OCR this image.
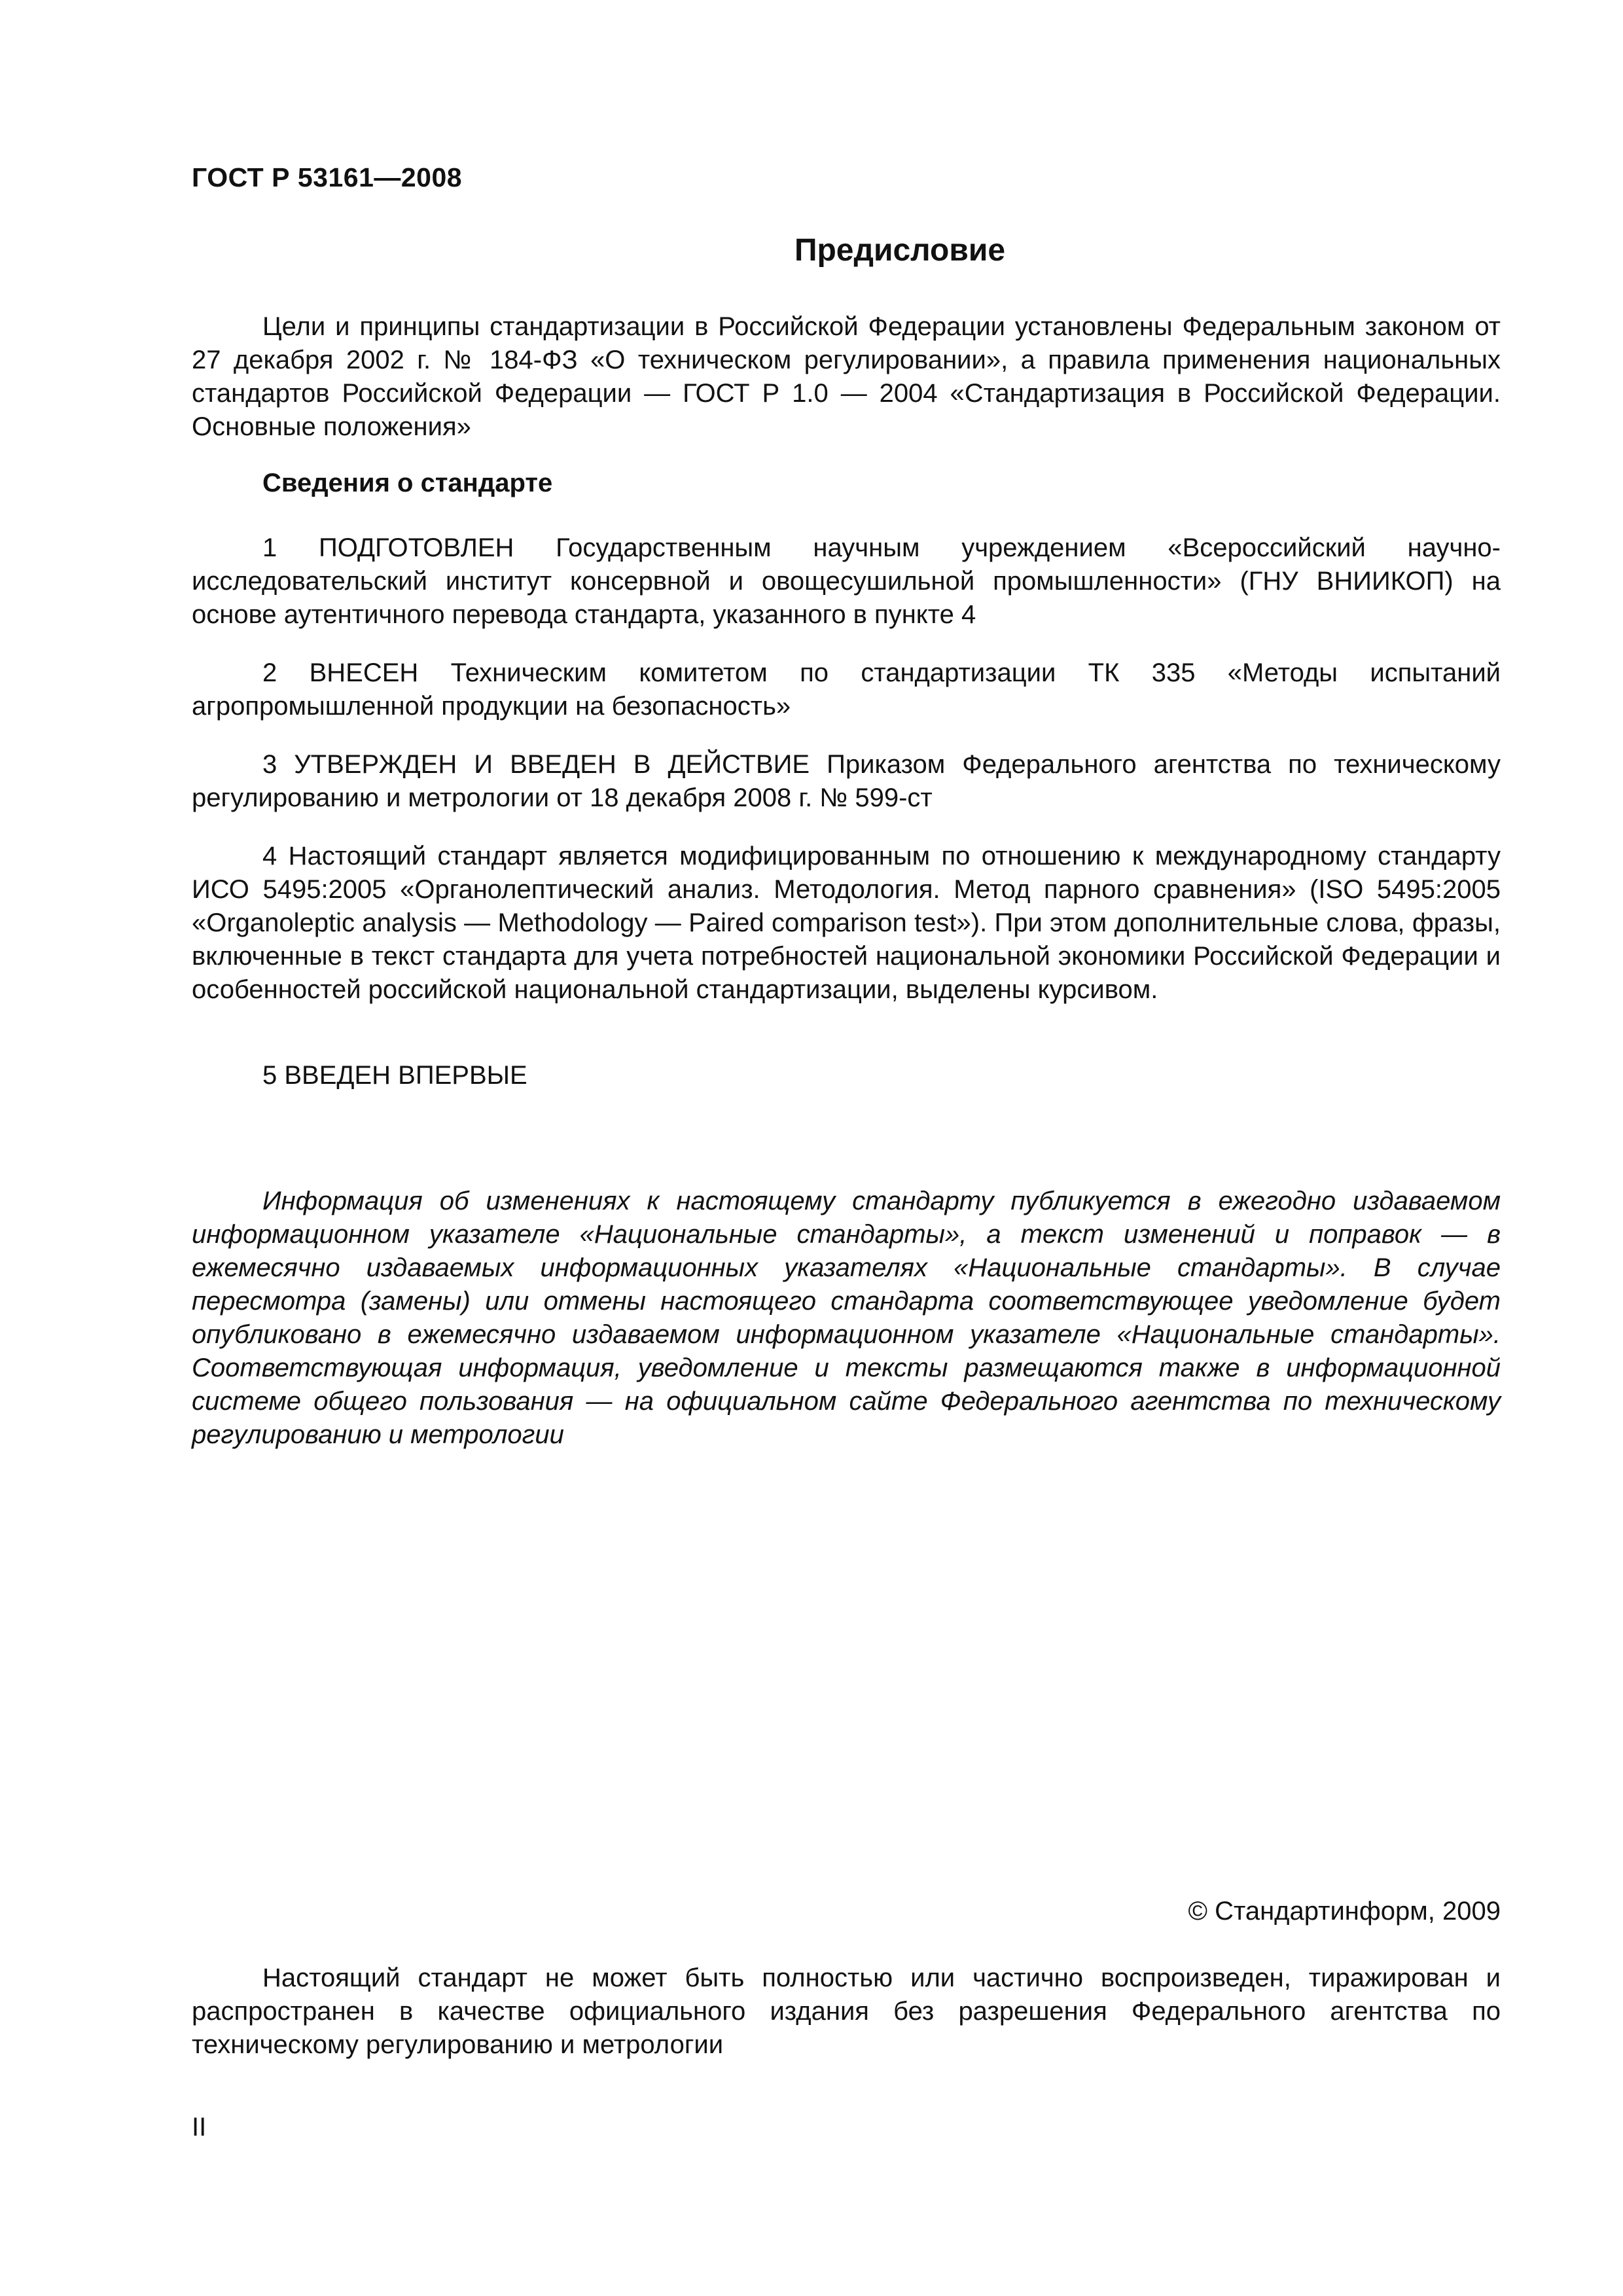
ГОСТ Р 53161—2008
Предисловие

Цели и принципы стандартизации в Российской Федерации установлены Федеральным законом от 27 декабря 2002 г. № 184-ФЗ «О техническом регулировании», а правила применения национальных стандартов Российской Федерации — ГОСТ Р 1.0 — 2004 «Стандартизация в Российской Федерации. Основные положения»

Сведения о стандарте

1 ПОДГОТОВЛЕН Государственным научным учреждением «Всероссийский научно-исследовательский институт консервной и овощесушильной промышленности» (ГНУ ВНИИКОП) на основе аутентичного перевода стандарта, указанного в пункте 4

2 ВНЕСЕН Техническим комитетом по стандартизации ТК 335 «Методы испытаний агропромышленной продукции на безопасность»

3 УТВЕРЖДЕН И ВВЕДЕН В ДЕЙСТВИЕ Приказом Федерального агентства по техническому регулированию и метрологии от 18 декабря 2008 г. № 599-ст

4 Настоящий стандарт является модифицированным по отношению к международному стандарту ИСО 5495:2005 «Органолептический анализ. Методология. Метод парного сравнения» (ISO 5495:2005 «Organoleptic analysis — Methodology — Paired comparison test»). При этом дополнительные слова, фразы, включенные в текст стандарта для учета потребностей национальной экономики Российской Федерации и особенностей российской национальной стандартизации, выделены курсивом.

5 ВВЕДЕН ВПЕРВЫЕ

Информация об изменениях к настоящему стандарту публикуется в ежегодно издаваемом информационном указателе «Национальные стандарты», а текст изменений и поправок — в ежемесячно издаваемых информационных указателях «Национальные стандарты». В случае пересмотра (замены) или отмены настоящего стандарта соответствующее уведомление будет опубликовано в ежемесячно издаваемом информационном указателе «Национальные стандарты». Соответствующая информация, уведомление и тексты размещаются также в информационной системе общего пользования — на официальном сайте Федерального агентства по техническому регулированию и метрологии

© Стандартинформ, 2009

Настоящий стандарт не может быть полностью или частично воспроизведен, тиражирован и распространен в качестве официального издания без разрешения Федерального агентства по техническому регулированию и метрологии

II
